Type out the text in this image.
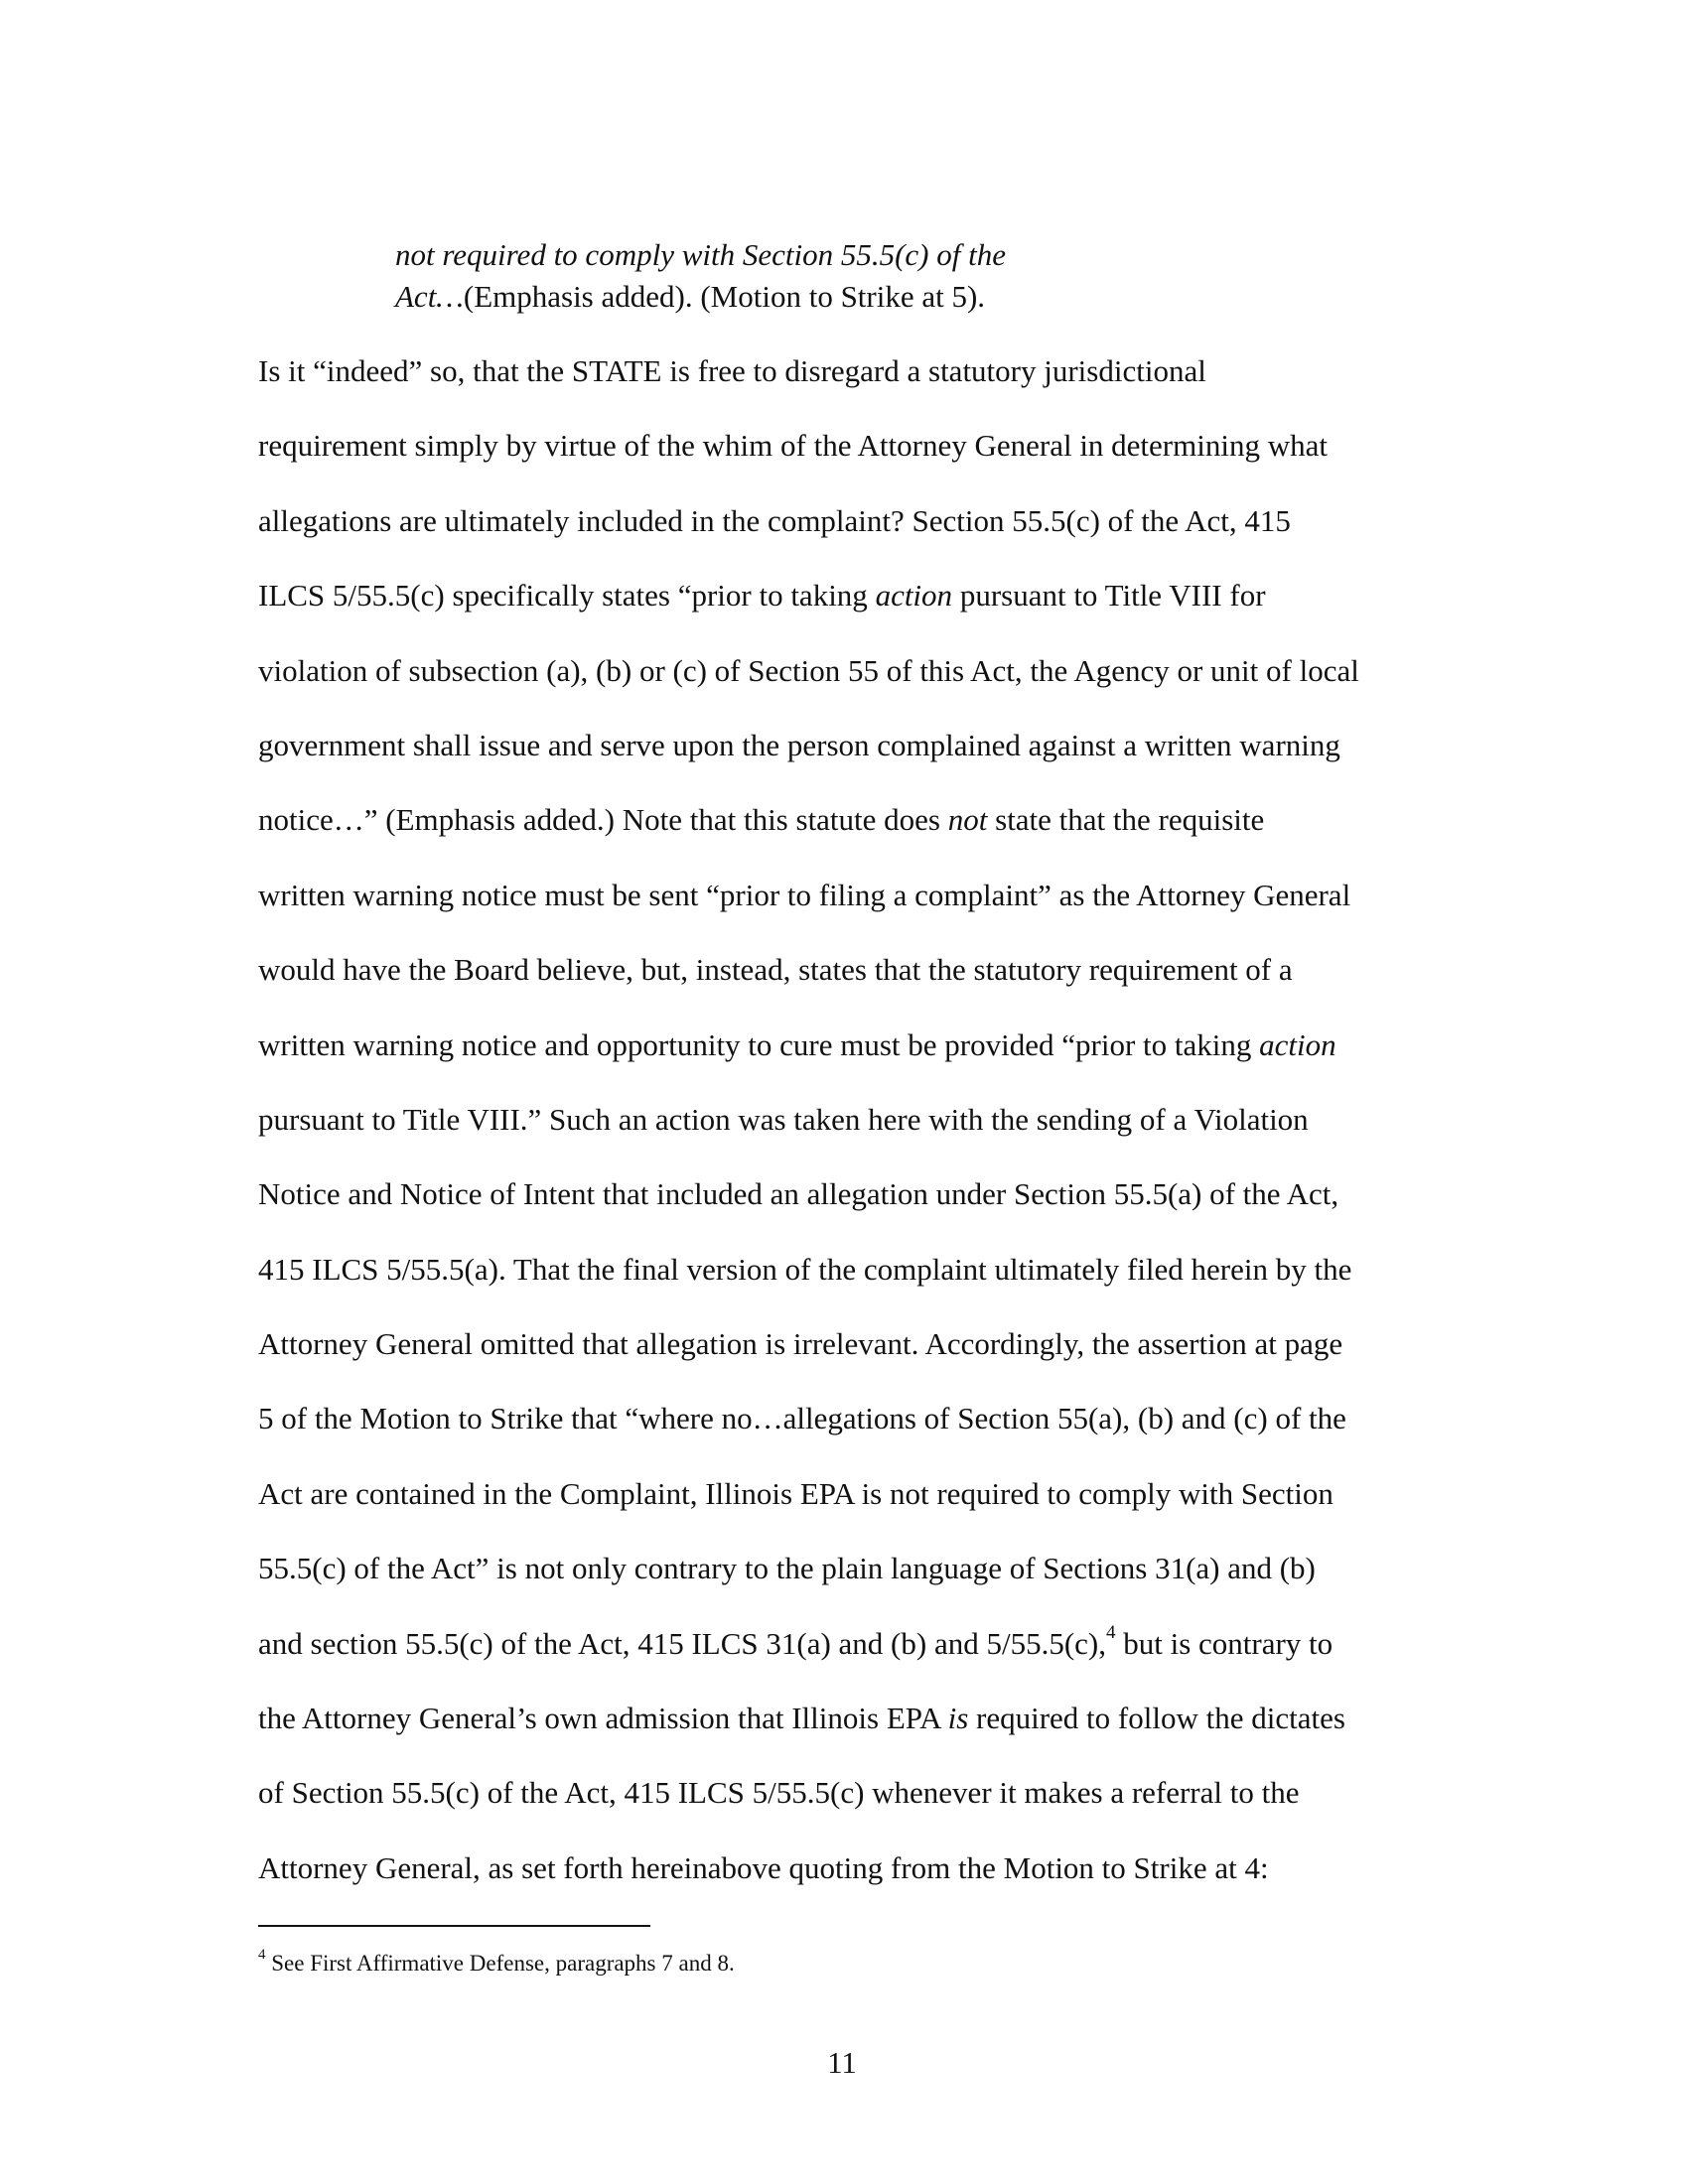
not required to comply with Section 55.5(c) of the
Act…(Emphasis added). (Motion to Strike at 5).
Is it “indeed” so, that the STATE is free to disregard a statutory jurisdictional
requirement simply by virtue of the whim of the Attorney General in determining what
allegations are ultimately included in the complaint? Section 55.5(c) of the Act, 415
ILCS 5/55.5(c) specifically states “prior to taking action pursuant to Title VIII for
violation of subsection (a), (b) or (c) of Section 55 of this Act, the Agency or unit of local
government shall issue and serve upon the person complained against a written warning
notice…” (Emphasis added.) Note that this statute does not state that the requisite
written warning notice must be sent “prior to filing a complaint” as the Attorney General
would have the Board believe, but, instead, states that the statutory requirement of a
written warning notice and opportunity to cure must be provided “prior to taking action
pursuant to Title VIII.” Such an action was taken here with the sending of a Violation
Notice and Notice of Intent that included an allegation under Section 55.5(a) of the Act,
415 ILCS 5/55.5(a). That the final version of the complaint ultimately filed herein by the
Attorney General omitted that allegation is irrelevant. Accordingly, the assertion at page
5 of the Motion to Strike that “where no…allegations of Section 55(a), (b) and (c) of the
Act are contained in the Complaint, Illinois EPA is not required to comply with Section
55.5(c) of the Act” is not only contrary to the plain language of Sections 31(a) and (b)
and section 55.5(c) of the Act, 415 ILCS 31(a) and (b) and 5/55.5(c),$^4$ but is contrary to
the Attorney General’s own admission that Illinois EPA is required to follow the dictates
of Section 55.5(c) of the Act, 415 ILCS 5/55.5(c) whenever it makes a referral to the
Attorney General, as set forth hereinabove quoting from the Motion to Strike at 4:
$^4$ See First Affirmative Defense, paragraphs 7 and 8.
11
